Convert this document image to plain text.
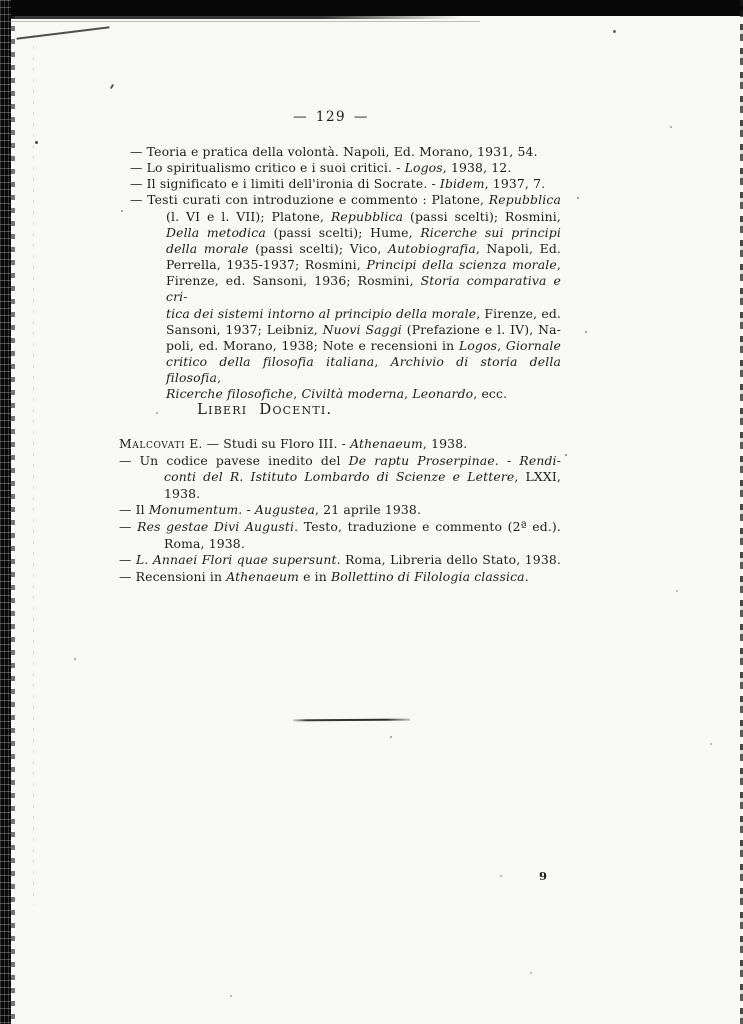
— 129 —
— Teoria e pratica della volontà. Napoli, Ed. Morano, 1931, 54.
— Lo spiritualismo critico e i suoi critici. - Logos, 1938, 12.
— Il significato e i limiti dell'ironia di Socrate. - Ibidem, 1937, 7.
— Testi curati con introduzione e commento : Platone, Repubblica
(l. VI e l. VII); Platone, Repubblica (passi scelti); Rosmini,
Della metodica (passi scelti); Hume, Ricerche sui principi
della morale (passi scelti); Vico, Autobiografia, Napoli, Ed.
Perrella, 1935-1937; Rosmini, Principi della scienza morale,
Firenze, ed. Sansoni, 1936; Rosmini, Storia comparativa e cri-
tica dei sistemi intorno al principio della morale, Firenze, ed.
Sansoni, 1937; Leibniz, Nuovi Saggi (Prefazione e l. IV), Na-
poli, ed. Morano, 1938; Note e recensioni in Logos, Giornale
critico della filosofia italiana, Archivio di storia della filosofia,
Ricerche filosofiche, Civiltà moderna, Leonardo, ecc.
Liberi Docenti.
Malcovati E. — Studi su Floro III. - Athenaeum, 1938.
— Un codice pavese inedito del De raptu Proserpinae. - Rendi-
conti del R. Istituto Lombardo di Scienze e Lettere, LXXI,
1938.
— Il Monumentum. - Augustea, 21 aprile 1938.
— Res gestae Divi Augusti. Testo, traduzione e commento (2ª ed.).
Roma, 1938.
— L. Annaei Flori quae supersunt. Roma, Libreria dello Stato, 1938.
— Recensioni in Athenaeum e in Bollettino di Filologia classica.
9
